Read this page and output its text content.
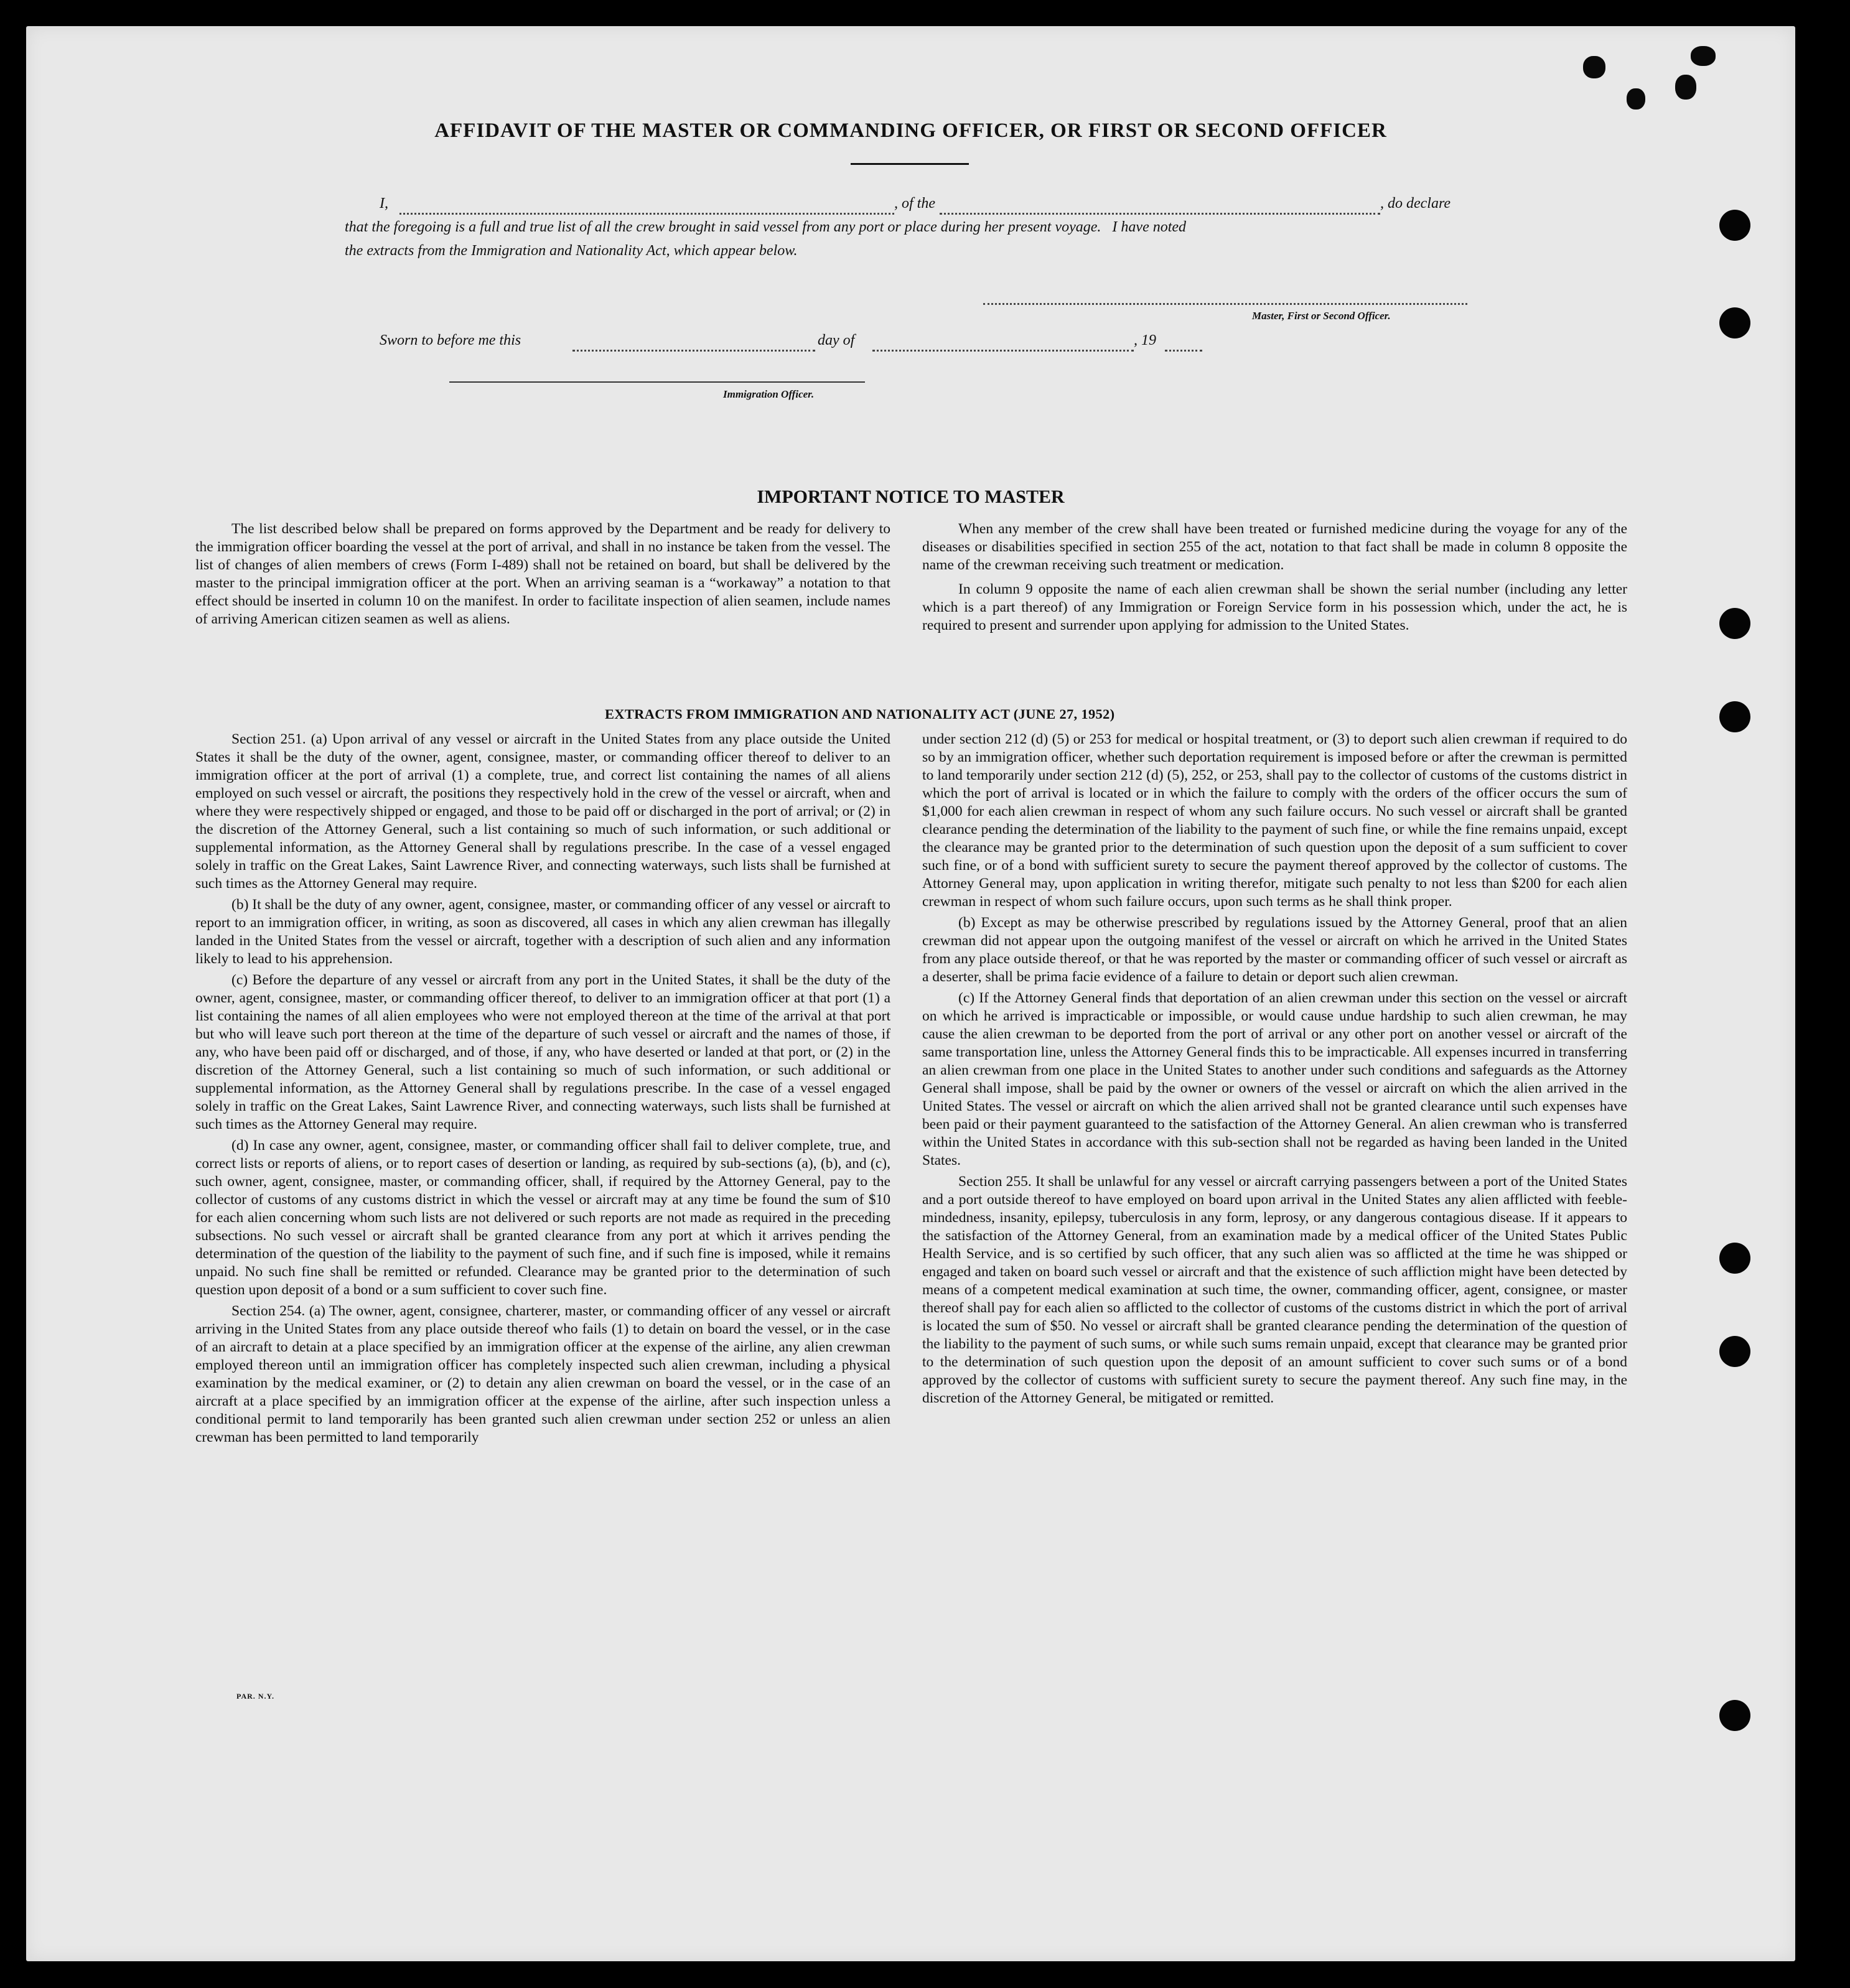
AFFIDAVIT OF THE MASTER OR COMMANDING OFFICER, OR FIRST OR SECOND OFFICER
I,	, of the	, do declare
that the foregoing is a full and true list of all the crew brought in said vessel from any port or place during her present voyage.   I have noted
the extracts from the Immigration and Nationality Act, which appear below.
Master, First or Second Officer.
Sworn to before me this	day of	, 19
Immigration Officer.
IMPORTANT NOTICE TO MASTER

The list described below shall be prepared on forms approved by the Department and be ready for delivery to the immigration officer boarding the vessel at the port of arrival, and shall in no instance be taken from the vessel. The list of changes of alien members of crews (Form I-489) shall not be retained on board, but shall be delivered by the master to the principal immigration officer at the port. When an arriving seaman is a “workaway” a notation to that effect should be inserted in column 10 on the manifest. In order to facilitate inspection of alien seamen, include names of arriving American citizen seamen as well as aliens.

When any member of the crew shall have been treated or furnished medicine during the voyage for any of the diseases or disabilities specified in section 255 of the act, notation to that fact shall be made in column 8 opposite the name of the crewman receiving such treatment or medication.

In column 9 opposite the name of each alien crewman shall be shown the serial number (including any letter which is a part thereof) of any Immigration or Foreign Service form in his possession which, under the act, he is required to present and surrender upon applying for admission to the United States.

EXTRACTS FROM IMMIGRATION AND NATIONALITY ACT (JUNE 27, 1952)

Section 251. (a) Upon arrival of any vessel or aircraft in the United States from any place outside the United States it shall be the duty of the owner, agent, consignee, master, or commanding officer thereof to deliver to an immigration officer at the port of arrival (1) a complete, true, and correct list containing the names of all aliens employed on such vessel or aircraft, the positions they respectively hold in the crew of the vessel or aircraft, when and where they were respectively shipped or engaged, and those to be paid off or discharged in the port of arrival; or (2) in the discretion of the Attorney General, such a list containing so much of such information, or such additional or supplemental information, as the Attorney General shall by regulations prescribe. In the case of a vessel engaged solely in traffic on the Great Lakes, Saint Lawrence River, and connecting waterways, such lists shall be furnished at such times as the Attorney General may require.

(b) It shall be the duty of any owner, agent, consignee, master, or commanding officer of any vessel or aircraft to report to an immigration officer, in writing, as soon as discovered, all cases in which any alien crewman has illegally landed in the United States from the vessel or aircraft, together with a description of such alien and any information likely to lead to his apprehension.

(c) Before the departure of any vessel or aircraft from any port in the United States, it shall be the duty of the owner, agent, consignee, master, or commanding officer thereof, to deliver to an immigration officer at that port (1) a list containing the names of all alien employees who were not employed thereon at the time of the arrival at that port but who will leave such port thereon at the time of the departure of such vessel or aircraft and the names of those, if any, who have been paid off or discharged, and of those, if any, who have deserted or landed at that port, or (2) in the discretion of the Attorney General, such a list containing so much of such information, or such additional or supplemental information, as the Attorney General shall by regulations prescribe. In the case of a vessel engaged solely in traffic on the Great Lakes, Saint Lawrence River, and connecting waterways, such lists shall be furnished at such times as the Attorney General may require.

(d) In case any owner, agent, consignee, master, or commanding officer shall fail to deliver complete, true, and correct lists or reports of aliens, or to report cases of desertion or landing, as required by sub-sections (a), (b), and (c), such owner, agent, consignee, master, or commanding officer, shall, if required by the Attorney General, pay to the collector of customs of any customs district in which the vessel or aircraft may at any time be found the sum of $10 for each alien concerning whom such lists are not delivered or such reports are not made as required in the preceding subsections. No such vessel or aircraft shall be granted clearance from any port at which it arrives pending the determination of the question of the liability to the payment of such fine, and if such fine is imposed, while it remains unpaid. No such fine shall be remitted or refunded. Clearance may be granted prior to the determination of such question upon deposit of a bond or a sum sufficient to cover such fine.

Section 254. (a) The owner, agent, consignee, charterer, master, or commanding officer of any vessel or aircraft arriving in the United States from any place outside thereof who fails (1) to detain on board the vessel, or in the case of an aircraft to detain at a place specified by an immigration officer at the expense of the airline, any alien crewman employed thereon until an immigration officer has completely inspected such alien crewman, including a physical examination by the medical examiner, or (2) to detain any alien crewman on board the vessel, or in the case of an aircraft at a place specified by an immigration officer at the expense of the airline, after such inspection unless a conditional permit to land temporarily has been granted such alien crewman under section 252 or unless an alien crewman has been permitted to land temporarily

under section 212 (d) (5) or 253 for medical or hospital treatment, or (3) to deport such alien crewman if required to do so by an immigration officer, whether such deportation requirement is imposed before or after the crewman is permitted to land temporarily under section 212 (d) (5), 252, or 253, shall pay to the collector of customs of the customs district in which the port of arrival is located or in which the failure to comply with the orders of the officer occurs the sum of $1,000 for each alien crewman in respect of whom any such failure occurs. No such vessel or aircraft shall be granted clearance pending the determination of the liability to the payment of such fine, or while the fine remains unpaid, except the clearance may be granted prior to the determination of such question upon the deposit of a sum sufficient to cover such fine, or of a bond with sufficient surety to secure the payment thereof approved by the collector of customs. The Attorney General may, upon application in writing therefor, mitigate such penalty to not less than $200 for each alien crewman in respect of whom such failure occurs, upon such terms as he shall think proper.

(b) Except as may be otherwise prescribed by regulations issued by the Attorney General, proof that an alien crewman did not appear upon the outgoing manifest of the vessel or aircraft on which he arrived in the United States from any place outside thereof, or that he was reported by the master or commanding officer of such vessel or aircraft as a deserter, shall be prima facie evidence of a failure to detain or deport such alien crewman.

(c) If the Attorney General finds that deportation of an alien crewman under this section on the vessel or aircraft on which he arrived is impracticable or impossible, or would cause undue hardship to such alien crewman, he may cause the alien crewman to be deported from the port of arrival or any other port on another vessel or aircraft of the same transportation line, unless the Attorney General finds this to be impracticable. All expenses incurred in transferring an alien crewman from one place in the United States to another under such conditions and safeguards as the Attorney General shall impose, shall be paid by the owner or owners of the vessel or aircraft on which the alien arrived in the United States. The vessel or aircraft on which the alien arrived shall not be granted clearance until such expenses have been paid or their payment guaranteed to the satisfaction of the Attorney General. An alien crewman who is transferred within the United States in accordance with this sub-section shall not be regarded as having been landed in the United States.

Section 255. It shall be unlawful for any vessel or aircraft carrying passengers between a port of the United States and a port outside thereof to have employed on board upon arrival in the United States any alien afflicted with feeble-mindedness, insanity, epilepsy, tuberculosis in any form, leprosy, or any dangerous contagious disease. If it appears to the satisfaction of the Attorney General, from an examination made by a medical officer of the United States Public Health Service, and is so certified by such officer, that any such alien was so afflicted at the time he was shipped or engaged and taken on board such vessel or aircraft and that the existence of such affliction might have been detected by means of a competent medical examination at such time, the owner, commanding officer, agent, consignee, or master thereof shall pay for each alien so afflicted to the collector of customs of the customs district in which the port of arrival is located the sum of $50. No vessel or aircraft shall be granted clearance pending the determination of the question of the liability to the payment of such sums, or while such sums remain unpaid, except that clearance may be granted prior to the determination of such question upon the deposit of an amount sufficient to cover such sums or of a bond approved by the collector of customs with sufficient surety to secure the payment thereof. Any such fine may, in the discretion of the Attorney General, be mitigated or remitted.

PAR. N.Y.
